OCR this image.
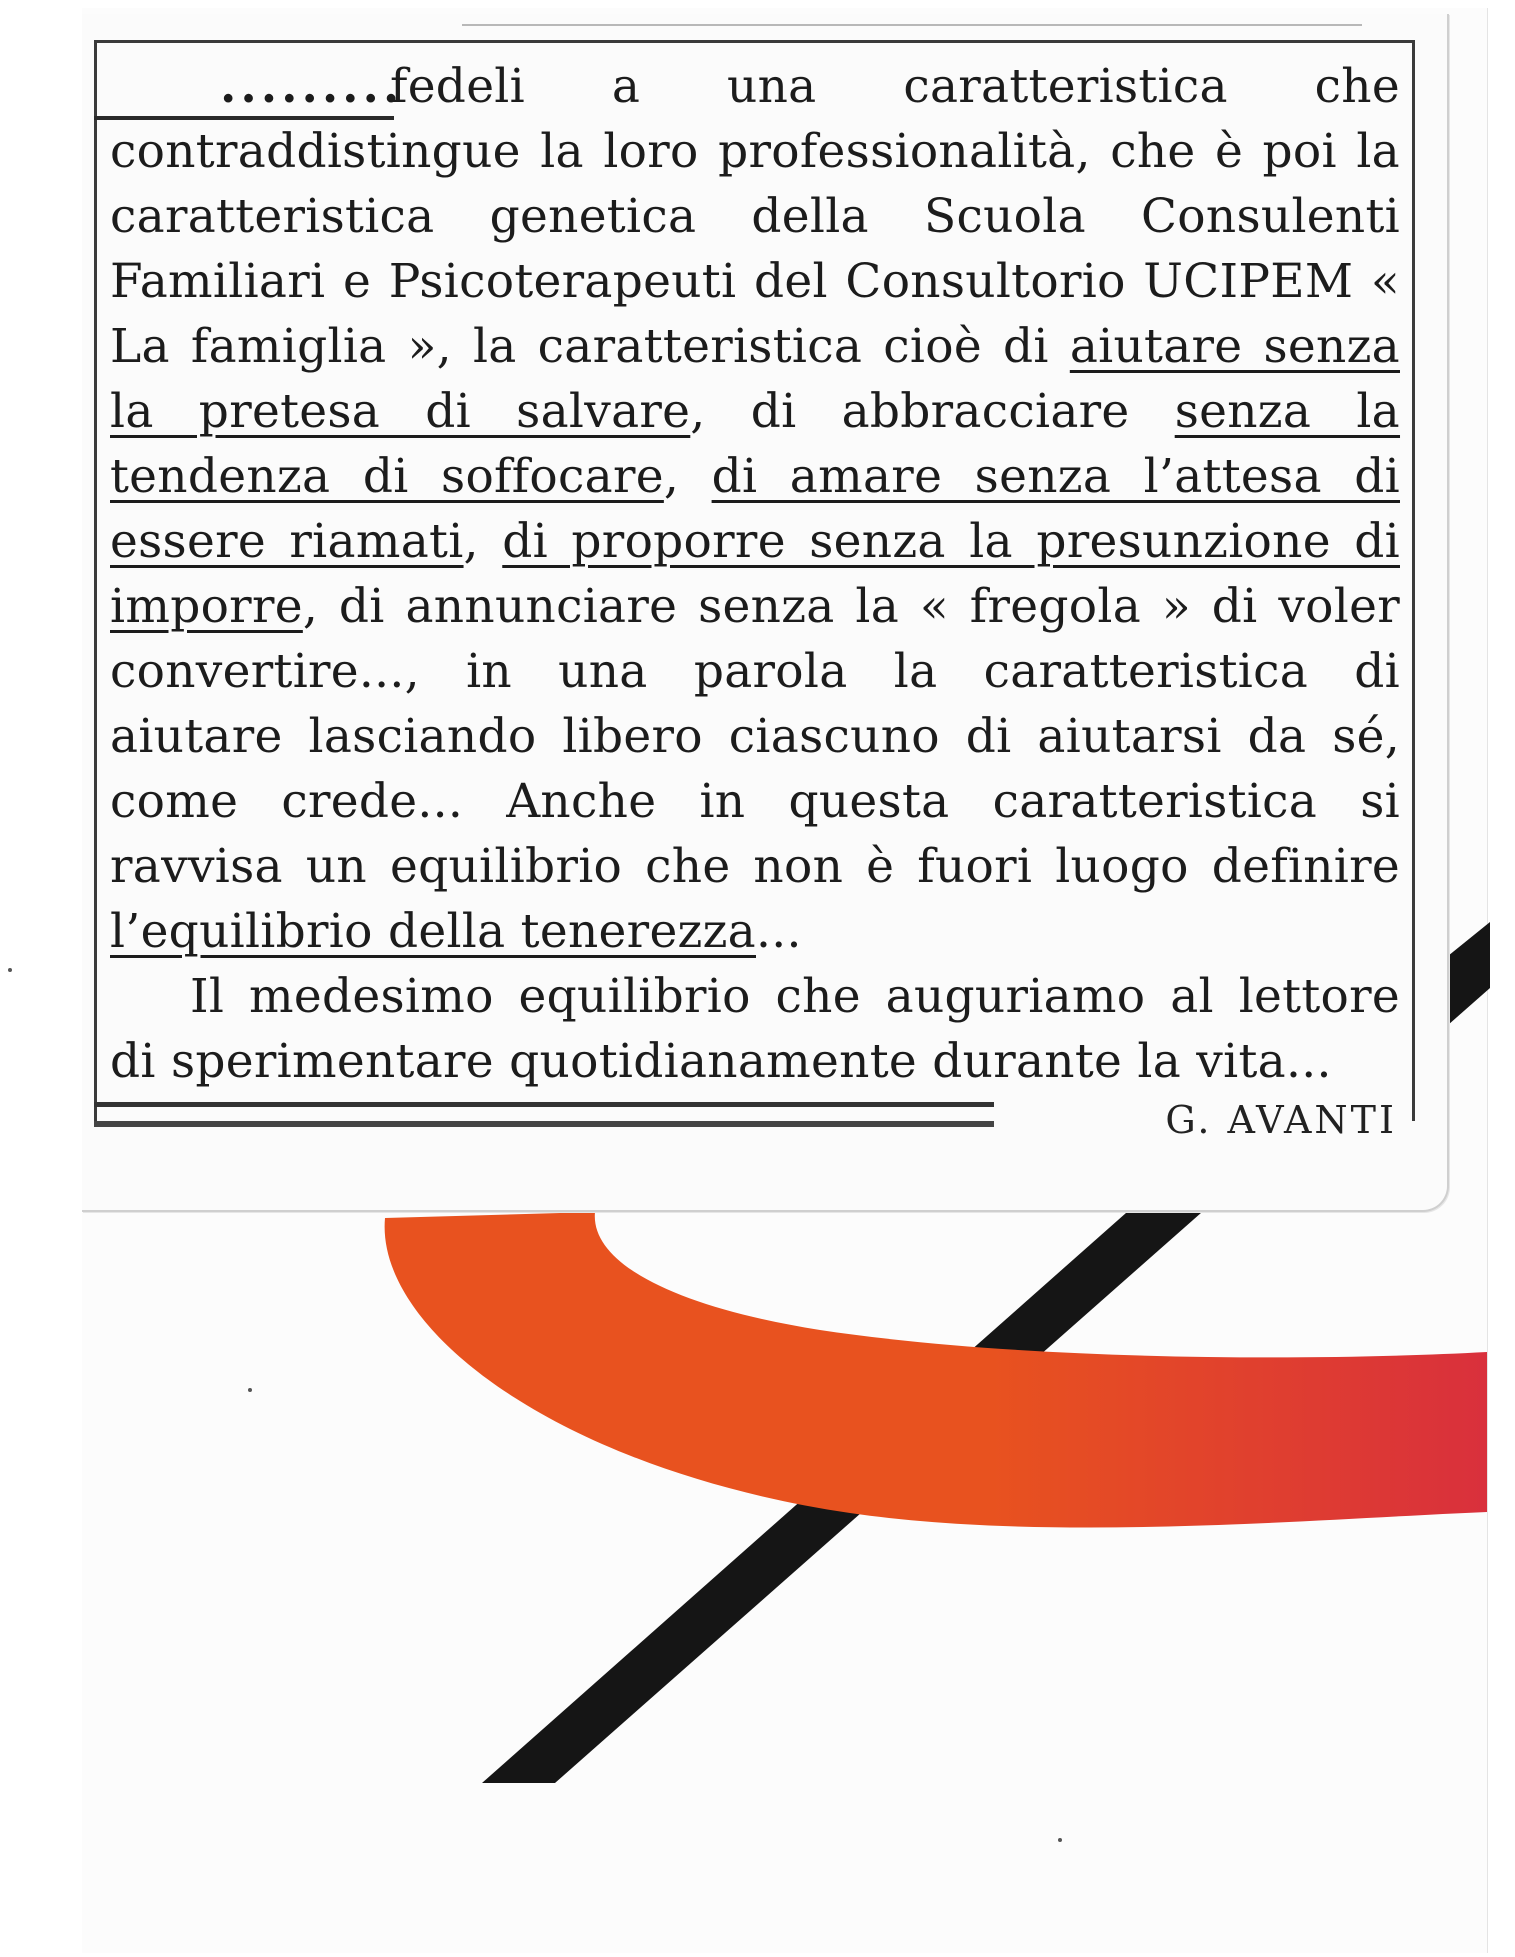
.........fedeli a una caratteristica che contraddistingue la loro professionalità, che è poi la caratteristica genetica della Scuola Consulenti Familiari e Psicoterapeuti del Consultorio UCIPEM « La famiglia », la caratteristica cioè di aiutare senza la pretesa di salvare, di abbracciare senza la tendenza di soffocare, di amare senza l’attesa di essere riamati, di proporre senza la presunzione di imporre, di annunciare senza la « fregola » di voler convertire..., in una parola la caratteristica di aiutare lasciando libero ciascuno di aiutarsi da sé, come crede... Anche in questa caratteristica si ravvisa un equilibrio che non è fuori luogo definire l’equilibrio della tenerezza...

Il medesimo equilibrio che auguriamo al lettore di sperimentare quotidianamente durante la vita...

G. AVANTI
